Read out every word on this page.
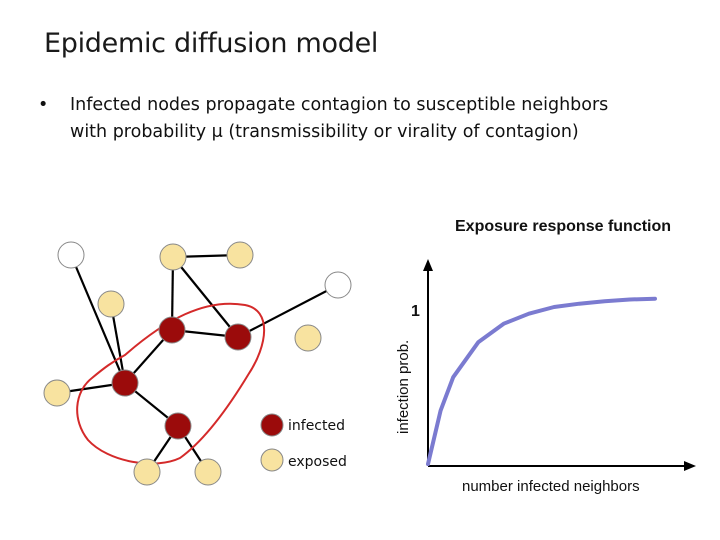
Epidemic diffusion model
•	Infected nodes propagate contagion to susceptible neighbors
with probability μ (transmissibility or virality of contagion)
infected
exposed
Exposure response function
1
infection prob.
number infected neighbors
